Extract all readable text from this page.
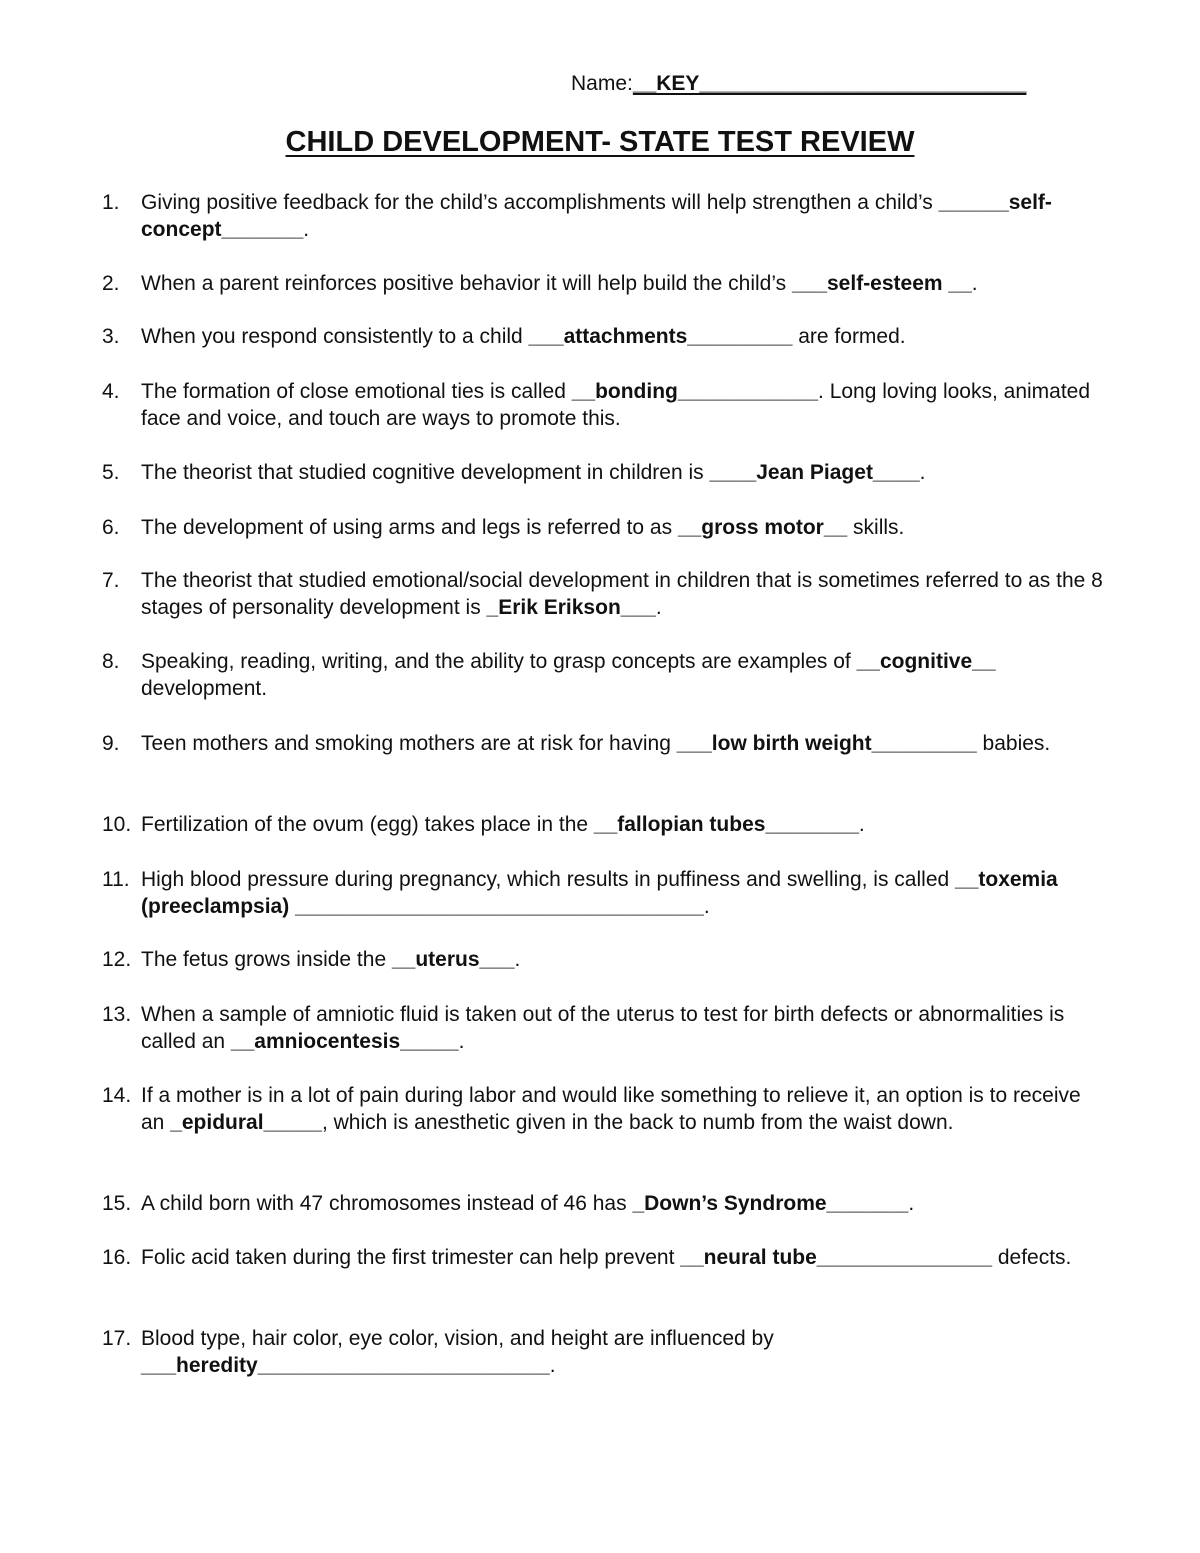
Name:__KEY____________________________
CHILD DEVELOPMENT- STATE TEST REVIEW
1. Giving positive feedback for the child’s accomplishments will help strengthen a child’s ______self-concept_______.
2. When a parent reinforces positive behavior it will help build the child’s ___self-esteem __.
3. When you respond consistently to a child ___attachments_________ are formed.
4. The formation of close emotional ties is called __bonding____________. Long loving looks, animated face and voice, and touch are ways to promote this.
5. The theorist that studied cognitive development in children is ____Jean Piaget____.
6. The development of using arms and legs is referred to as __gross motor__ skills.
7. The theorist that studied emotional/social development in children that is sometimes referred to as the 8 stages of personality development is _Erik Erikson___.
8. Speaking, reading, writing, and the ability to grasp concepts are examples of __cognitive__ development.
9. Teen mothers and smoking mothers are at risk for having ___low birth weight_________ babies.
10. Fertilization of the ovum (egg) takes place in the __fallopian tubes________.
11. High blood pressure during pregnancy, which results in puffiness and swelling, is called __toxemia (preeclampsia) ___________________________________.
12. The fetus grows inside the __uterus___.
13. When a sample of amniotic fluid is taken out of the uterus to test for birth defects or abnormalities is called an __amniocentesis_____.
14. If a mother is in a lot of pain during labor and would like something to relieve it, an option is to receive an _epidural_____, which is anesthetic given in the back to numb from the waist down.
15. A child born with 47 chromosomes instead of 46 has _Down’s Syndrome_______.
16. Folic acid taken during the first trimester can help prevent __neural tube_______________ defects.
17. Blood type, hair color, eye color, vision, and height are influenced by ___heredity_________________________.
